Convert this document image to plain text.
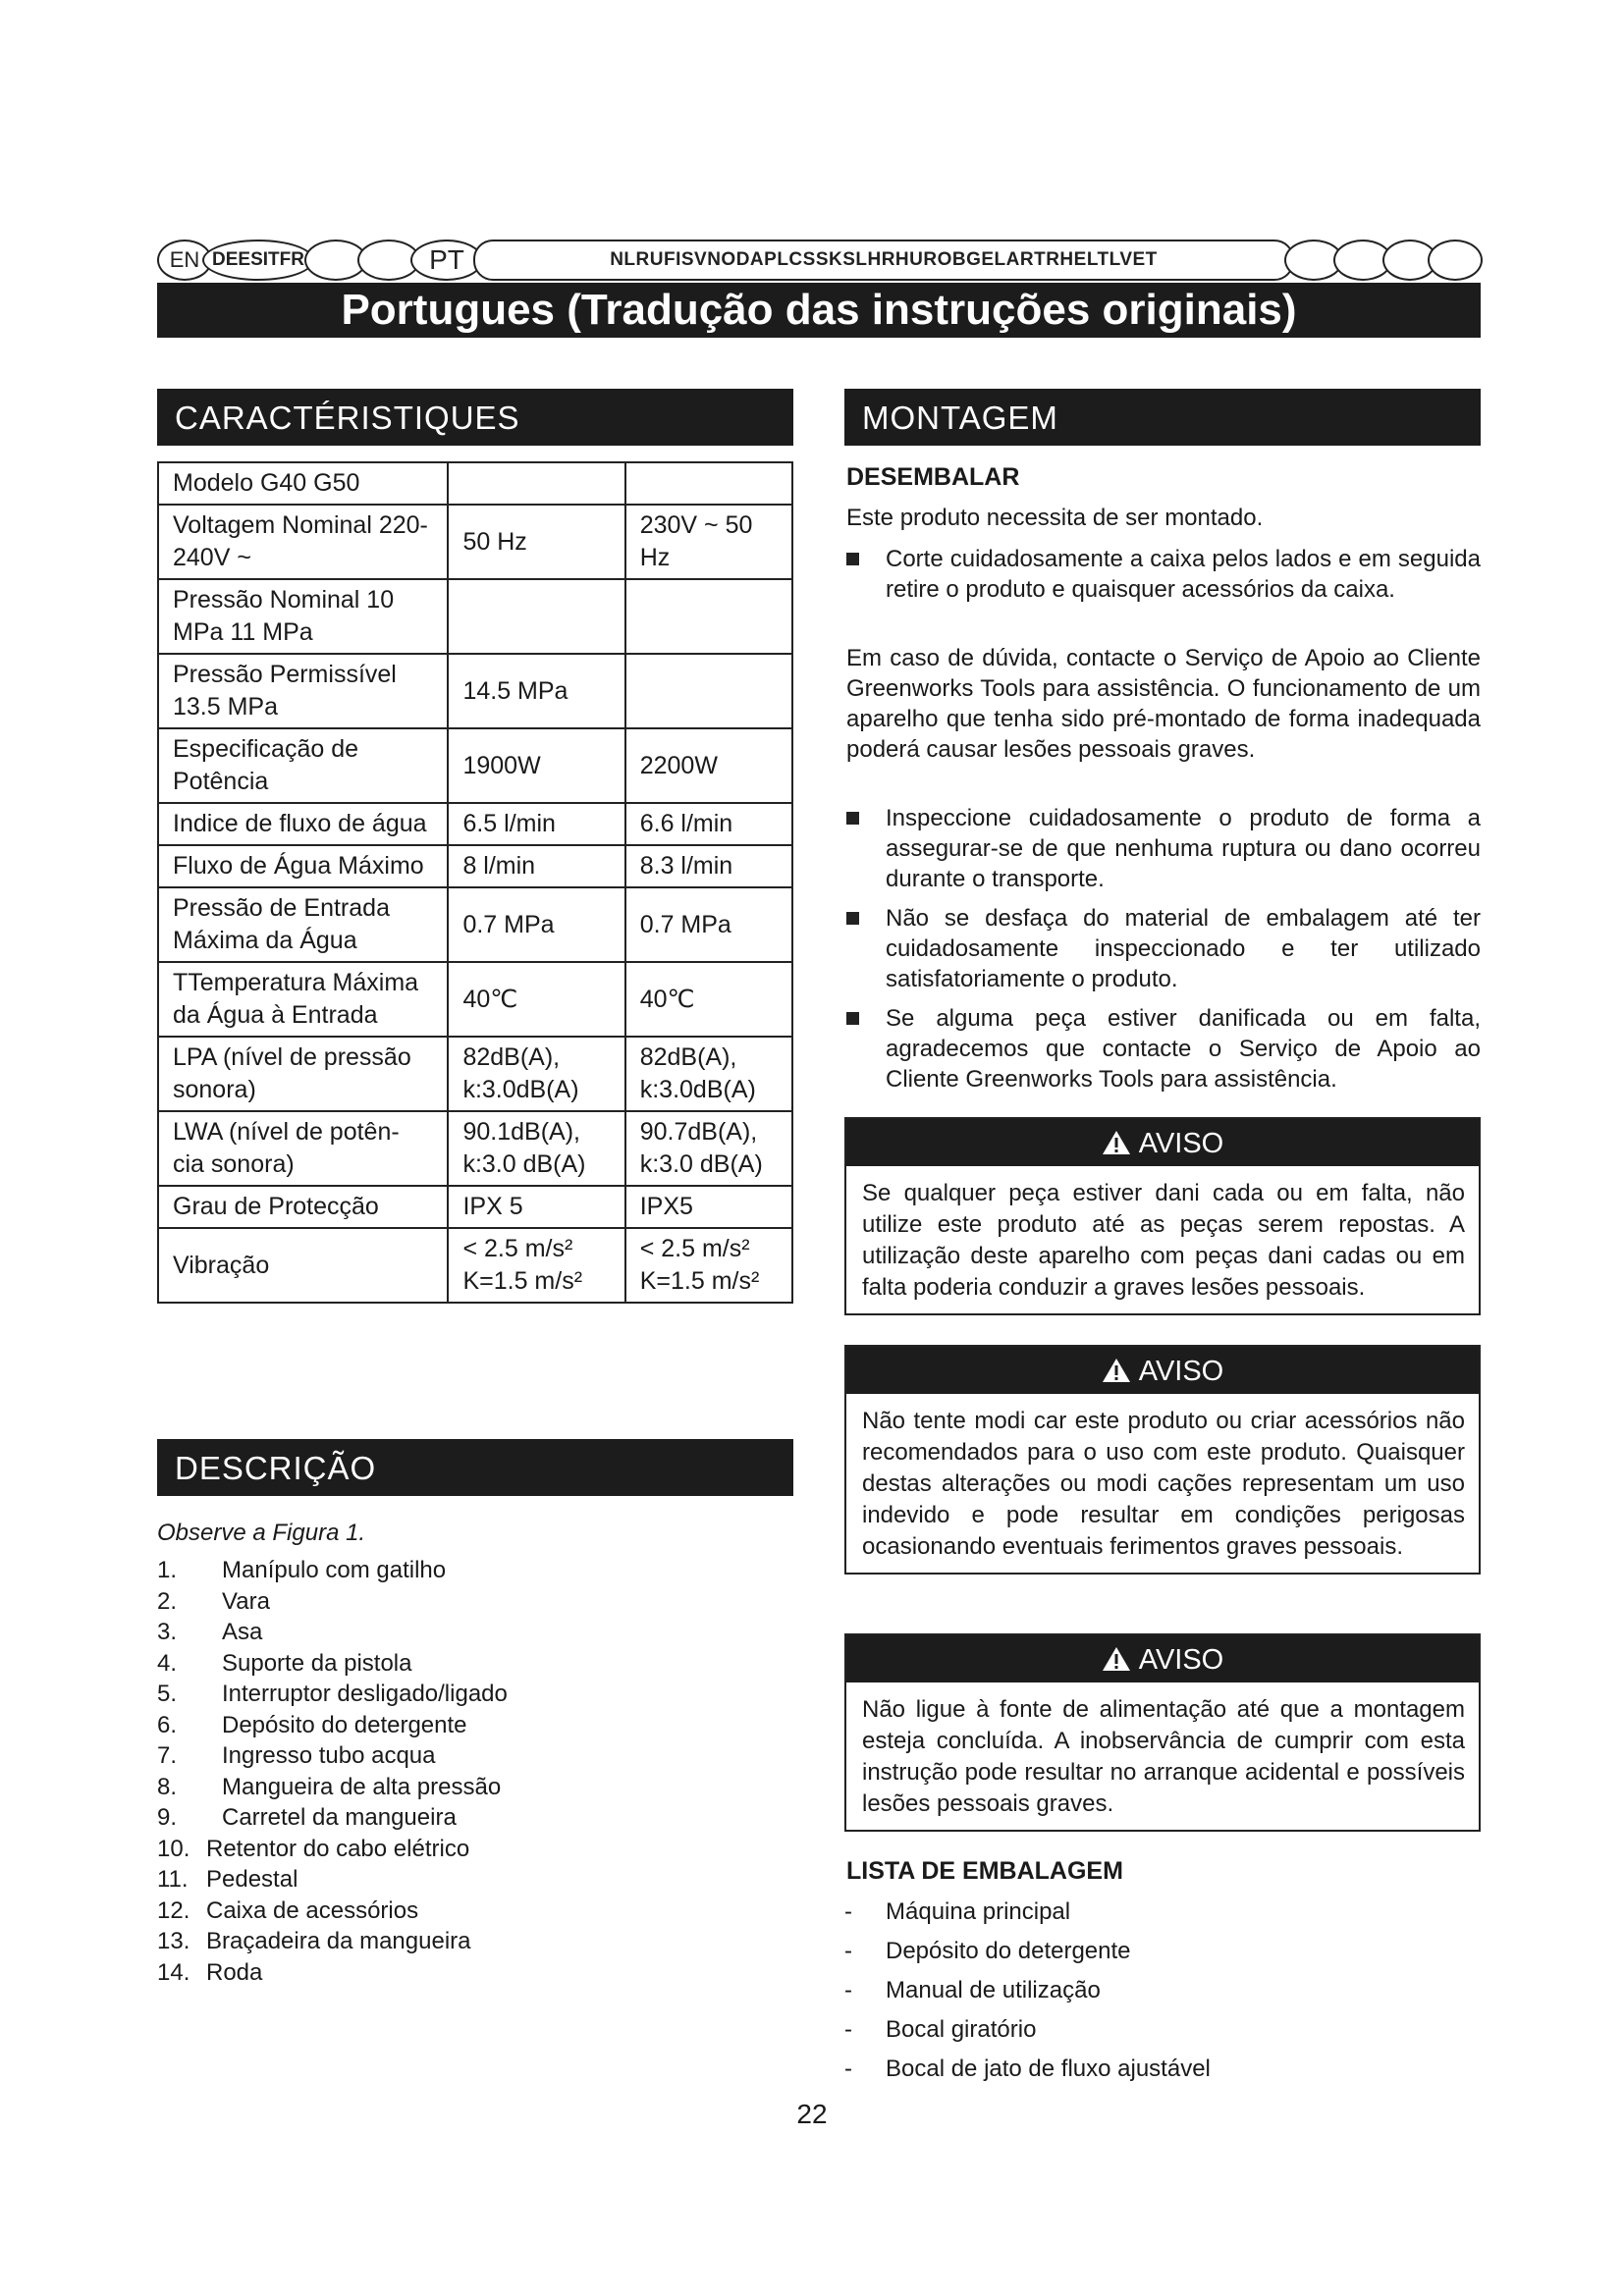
EN DEESITFR	PT	NLRUFISVNODAPLCSSKSLHRHUROBGELARTRHELTLVET
Portugues (Tradução das instruções originais)
CARACTÉRISTIQUES
Modelo G40 G50		
Voltagem Nominal 220-240V ~	50 Hz	230V ~ 50 Hz
Pressão Nominal 10 MPa 11 MPa		
Pressão Permissível 13.5 MPa	14.5 MPa	
Especificação de Potência	1900W	2200W
Indice de fluxo de água	6.5 l/min	6.6 l/min
Fluxo de Água Máximo	8 l/min	8.3 l/min
Pressão de Entrada Máxima da Água	0.7 MPa	0.7 MPa
TTemperatura Máxima da Água à Entrada	40℃	40℃
LPA (nível de pressão sonora)	82dB(A), k:3.0dB(A)	82dB(A), k:3.0dB(A)
LWA (nível de potên- cia sonora)	90.1dB(A), k:3.0 dB(A)	90.7dB(A), k:3.0 dB(A)
Grau de Protecção	IPX 5	IPX5
Vibração	< 2.5 m/s² K=1.5 m/s²	< 2.5 m/s² K=1.5 m/s²
DESCRIÇÃO
Observe a Figura 1.
1. Manípulo com gatilho
2. Vara
3. Asa
4. Suporte da pistola
5. Interruptor desligado/ligado
6. Depósito do detergente
7. Ingresso tubo acqua
8. Mangueira de alta pressão
9. Carretel da mangueira
10. Retentor do cabo elétrico
11. Pedestal
12. Caixa de acessórios
13. Braçadeira da mangueira
14. Roda
MONTAGEM
DESEMBALAR
Este produto necessita de ser montado.
Corte cuidadosamente a caixa pelos lados e em seguida retire o produto e quaisquer acessórios da caixa.
Em caso de dúvida, contacte o Serviço de Apoio ao Cliente Greenworks Tools para assistência. O funcionamento de um aparelho que tenha sido pré-montado de forma inadequada poderá causar lesões pessoais graves.
Inspeccione cuidadosamente o produto de forma a assegurar-se de que nenhuma ruptura ou dano ocorreu durante o transporte.
Não se desfaça do material de embalagem até ter cuidadosamente inspeccionado e ter utilizado satisfatoriamente o produto.
Se alguma peça estiver danificada ou em falta, agradecemos que contacte o Serviço de Apoio ao Cliente Greenworks Tools para assistência.
AVISO
Se qualquer peça estiver dani cada ou em falta, não utilize este produto até as peças serem repostas. A utilização deste aparelho com peças dani cadas ou em falta poderia conduzir a graves lesões pessoais.
AVISO
Não tente modi car este produto ou criar acessórios não recomendados para o uso com este produto. Quaisquer destas alterações ou modi cações representam um uso indevido e pode resultar em condições perigosas ocasionando eventuais ferimentos graves pessoais.
AVISO
Não ligue à fonte de alimentação até que a montagem esteja concluída. A inobservância de cumprir com esta instrução pode resultar no arranque acidental e possíveis lesões pessoais graves.
LISTA DE EMBALAGEM
- Máquina principal
- Depósito do detergente
- Manual de utilização
- Bocal giratório
- Bocal de jato de fluxo ajustável
22
